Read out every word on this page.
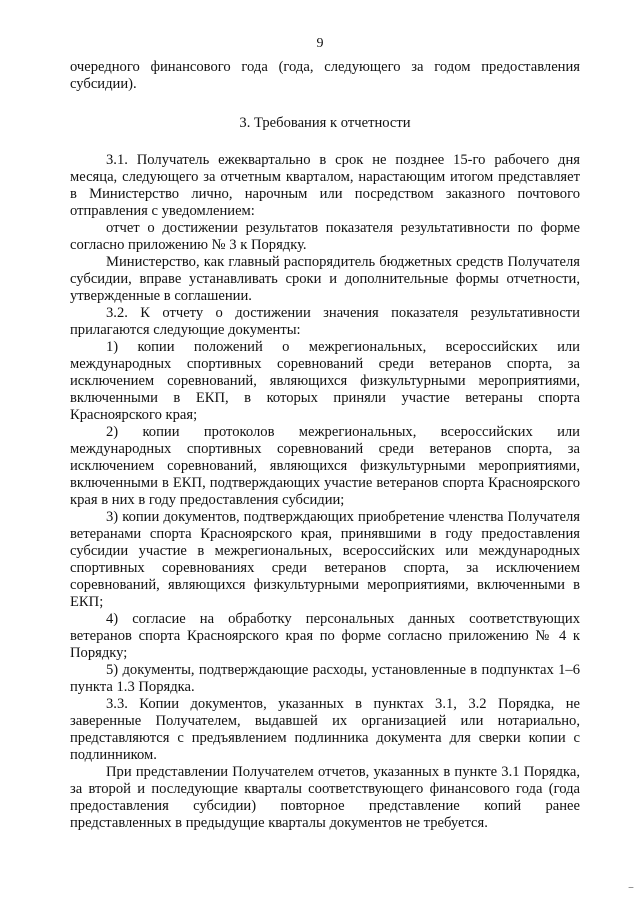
9

очередного финансового года (года, следующего за годом предоставления субсидии).

3. Требования к отчетности

3.1. Получатель ежеквартально в срок не позднее 15-го рабочего дня месяца, следующего за отчетным кварталом, нарастающим итогом представляет в Министерство лично, нарочным или посредством заказного почтового отправления с уведомлением:

отчет о достижении результатов показателя результативности по форме согласно приложению № 3 к Порядку.

Министерство, как главный распорядитель бюджетных средств Получателя субсидии, вправе устанавливать сроки и дополнительные формы отчетности, утвержденные в соглашении.

3.2. К отчету о достижении значения показателя результативности прилагаются следующие документы:

1) копии положений о межрегиональных, всероссийских или международных спортивных соревнований среди ветеранов спорта, за исключением соревнований, являющихся физкультурными мероприятиями, включенными в ЕКП, в которых приняли участие ветераны спорта Красноярского края;

2) копии протоколов межрегиональных, всероссийских или международных спортивных соревнований среди ветеранов спорта, за исключением соревнований, являющихся физкультурными мероприятиями, включенными в ЕКП, подтверждающих участие ветеранов спорта Красноярского края в них в году предоставления субсидии;

3) копии документов, подтверждающих приобретение членства Получателя ветеранами спорта Красноярского края, принявшими в году предоставления субсидии участие в межрегиональных, всероссийских или международных спортивных соревнованиях среди ветеранов спорта, за исключением соревнований, являющихся физкультурными мероприятиями, включенными в ЕКП;

4) согласие на обработку персональных данных соответствующих ветеранов спорта Красноярского края по форме согласно приложению № 4 к Порядку;

5) документы, подтверждающие расходы, установленные в подпунктах 1–6 пункта 1.3 Порядка.

3.3. Копии документов, указанных в пунктах 3.1, 3.2 Порядка, не заверенные Получателем, выдавшей их организацией или нотариально, представляются с предъявлением подлинника документа для сверки копии с подлинником.

При представлении Получателем отчетов, указанных в пункте 3.1 Порядка, за второй и последующие кварталы соответствующего финансового года (года предоставления субсидии) повторное представление копий ранее представленных в предыдущие кварталы документов не требуется.

–
